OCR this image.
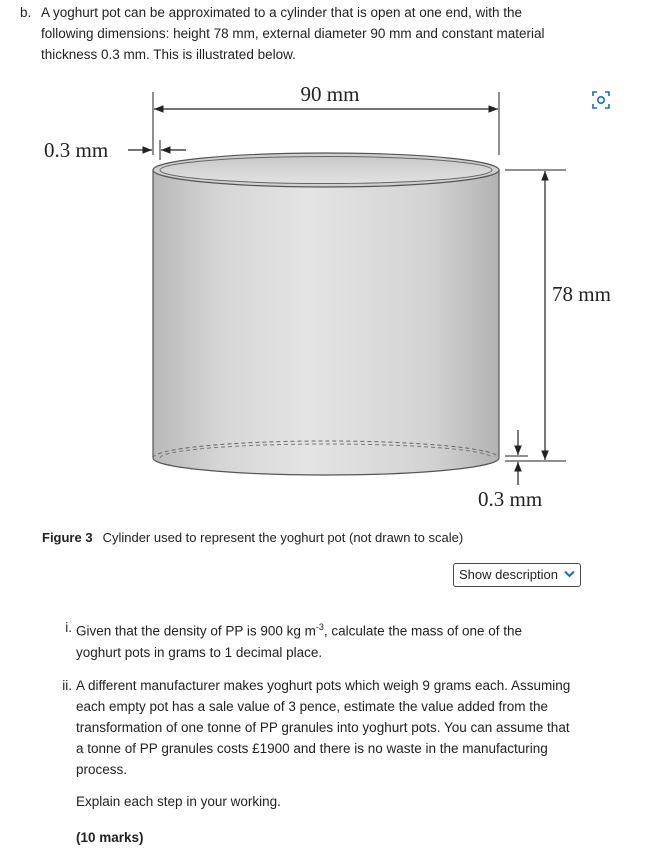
b. A yoghurt pot can be approximated to a cylinder that is open at one end, with the
following dimensions: height 78 mm, external diameter 90 mm and constant material
thickness 0.3 mm. This is illustrated below.
90 mm
0.3 mm
78 mm
0.3 mm
Figure 3 Cylinder used to represent the yoghurt pot (not drawn to scale)
Show description
i. Given that the density of PP is 900 kg $m^{-3}$, calculate the mass of one of the
yoghurt pots in grams to 1 decimal place.
ii. A different manufacturer makes yoghurt pots which weigh 9 grams each. Assuming
each empty pot has a sale value of 3 pence, estimate the value added from the
transformation of one tonne of PP granules into yoghurt pots. You can assume that
a tonne of PP granules costs £1900 and there is no waste in the manufacturing
process.
Explain each step in your working.
(10 marks)
